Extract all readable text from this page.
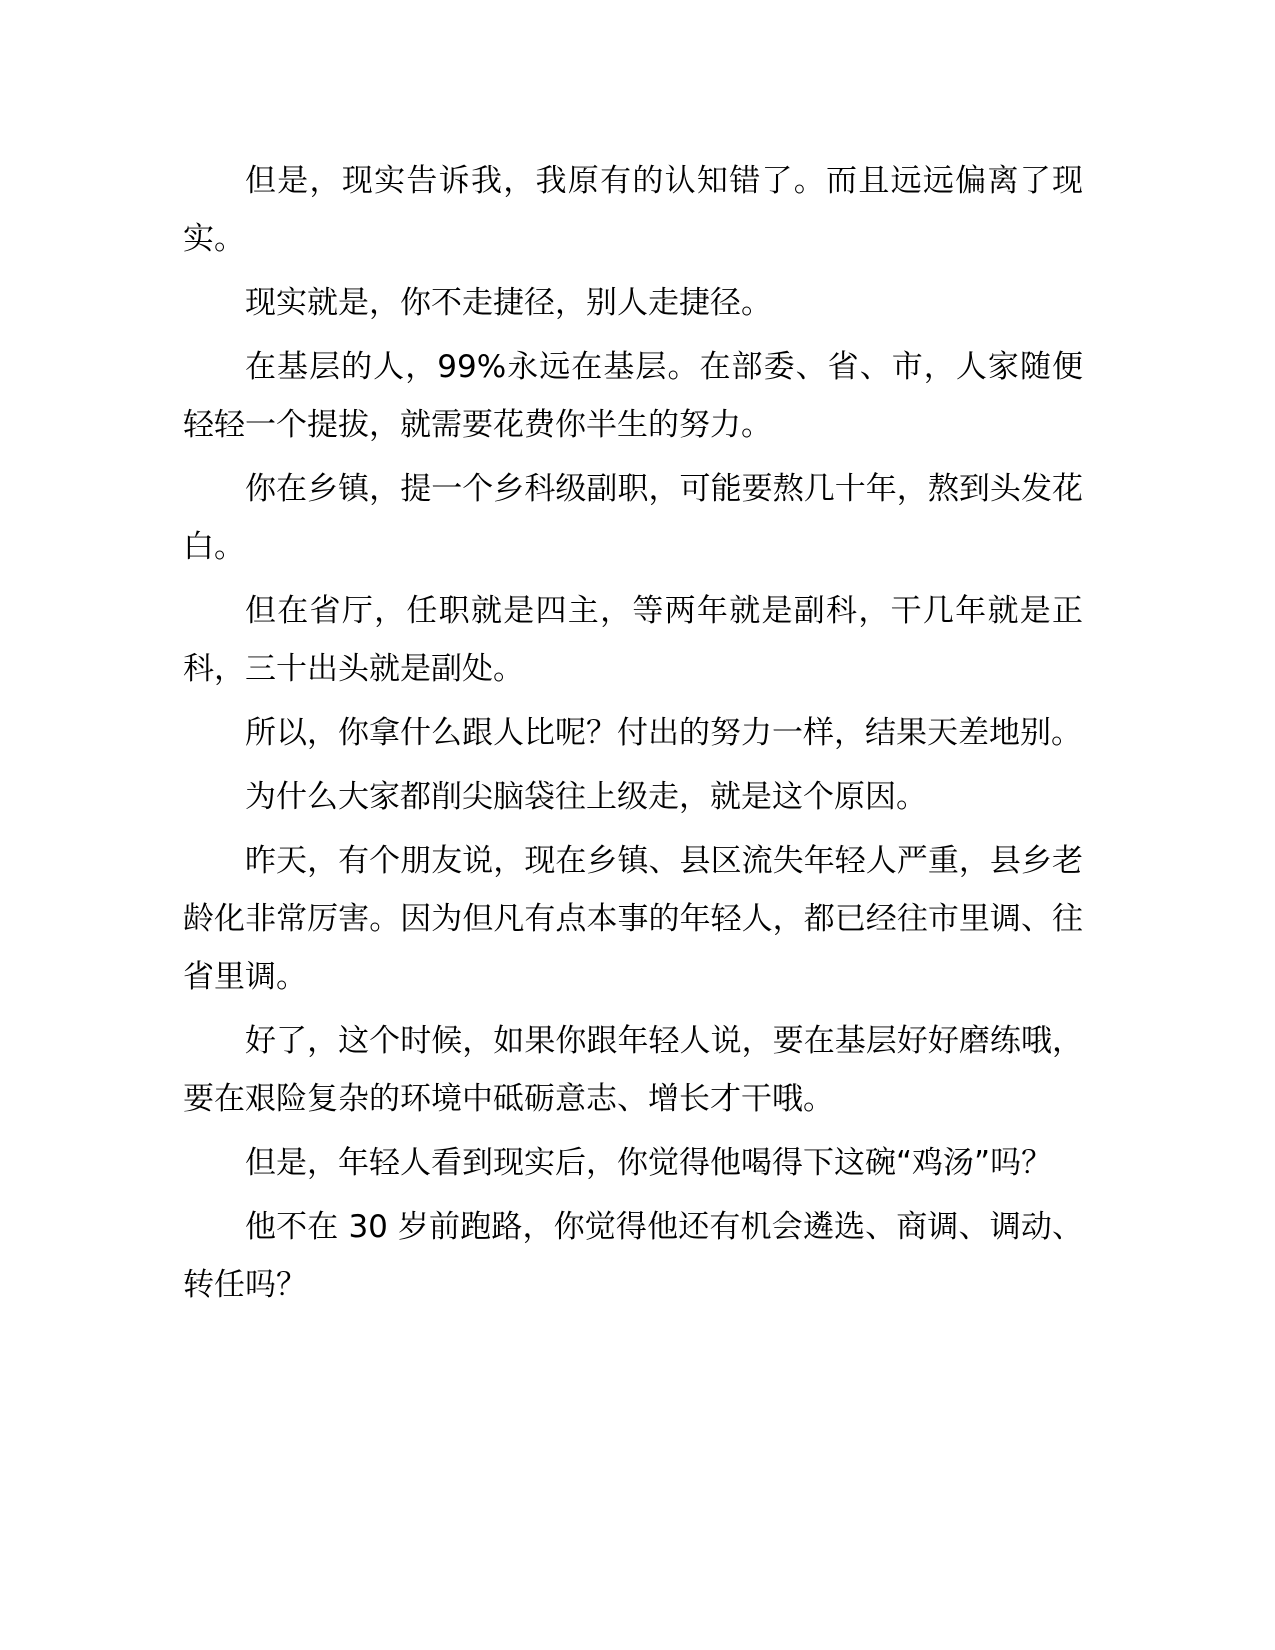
但是，现实告诉我，我原有的认知错了。而且远远偏离了现实。

现实就是，你不走捷径，别人走捷径。

在基层的人，99%永远在基层。在部委、省、市，人家随便轻轻一个提拔，就需要花费你半生的努力。

你在乡镇，提一个乡科级副职，可能要熬几十年，熬到头发花白。

但在省厅，任职就是四主，等两年就是副科，干几年就是正科，三十出头就是副处。

所以，你拿什么跟人比呢？付出的努力一样，结果天差地别。

为什么大家都削尖脑袋往上级走，就是这个原因。

昨天，有个朋友说，现在乡镇、县区流失年轻人严重，县乡老龄化非常厉害。因为但凡有点本事的年轻人，都已经往市里调、往省里调。

好了，这个时候，如果你跟年轻人说，要在基层好好磨练哦，要在艰险复杂的环境中砥砺意志、增长才干哦。

但是，年轻人看到现实后，你觉得他喝得下这碗“鸡汤”吗？

他不在 30 岁前跑路，你觉得他还有机会遴选、商调、调动、转任吗？
